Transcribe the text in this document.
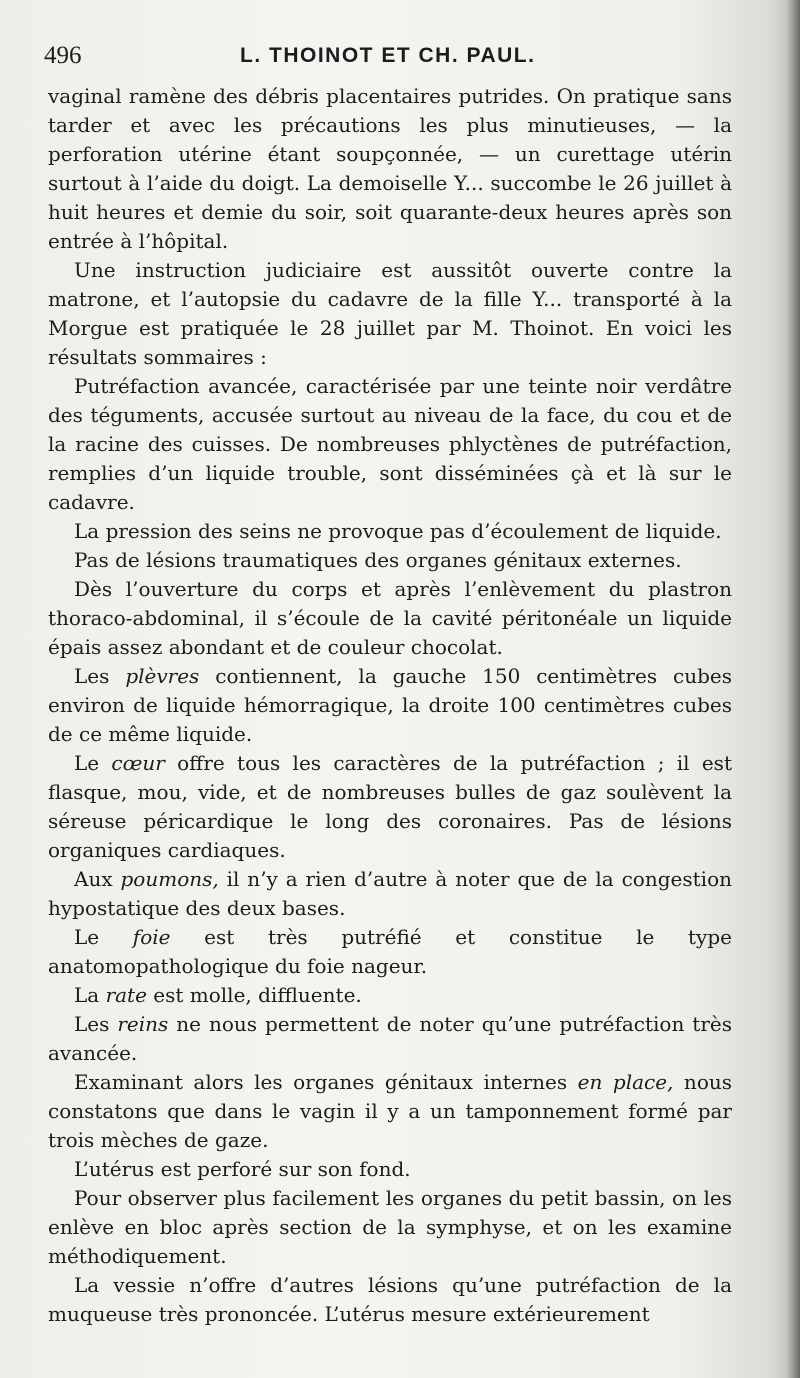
496	L. THOINOT ET CH. PAUL.

vaginal ramène des débris placentaires putrides. On pratique sans tarder et avec les précautions les plus minutieuses, — la perforation utérine étant soupçonnée, — un curettage utérin surtout à l’aide du doigt. La demoiselle Y... succombe le 26 juillet à huit heures et demie du soir, soit quarante-deux heures après son entrée à l’hôpital.

Une instruction judiciaire est aussitôt ouverte contre la matrone, et l’autopsie du cadavre de la fille Y... transporté à la Morgue est pratiquée le 28 juillet par M. Thoinot. En voici les résultats sommaires :

Putréfaction avancée, caractérisée par une teinte noir verdâtre des téguments, accusée surtout au niveau de la face, du cou et de la racine des cuisses. De nombreuses phlyctènes de putréfaction, remplies d’un liquide trouble, sont disséminées çà et là sur le cadavre.

La pression des seins ne provoque pas d’écoulement de liquide.

Pas de lésions traumatiques des organes génitaux externes.

Dès l’ouverture du corps et après l’enlèvement du plastron thoraco-abdominal, il s’écoule de la cavité péritonéale un liquide épais assez abondant et de couleur chocolat.

Les plèvres contiennent, la gauche 150 centimètres cubes environ de liquide hémorragique, la droite 100 centimètres cubes de ce même liquide.

Le cœur offre tous les caractères de la putréfaction ; il est flasque, mou, vide, et de nombreuses bulles de gaz soulèvent la séreuse péricardique le long des coronaires. Pas de lésions organiques cardiaques.

Aux poumons, il n’y a rien d’autre à noter que de la congestion hypostatique des deux bases.

Le foie est très putréfié et constitue le type anatomopathologique du foie nageur.

La rate est molle, diffluente.

Les reins ne nous permettent de noter qu’une putréfaction très avancée.

Examinant alors les organes génitaux internes en place, nous constatons que dans le vagin il y a un tamponnement formé par trois mèches de gaze.

L’utérus est perforé sur son fond.

Pour observer plus facilement les organes du petit bassin, on les enlève en bloc après section de la symphyse, et on les examine méthodiquement.

La vessie n’offre d’autres lésions qu’une putréfaction de la muqueuse très prononcée. L’utérus mesure extérieurement
